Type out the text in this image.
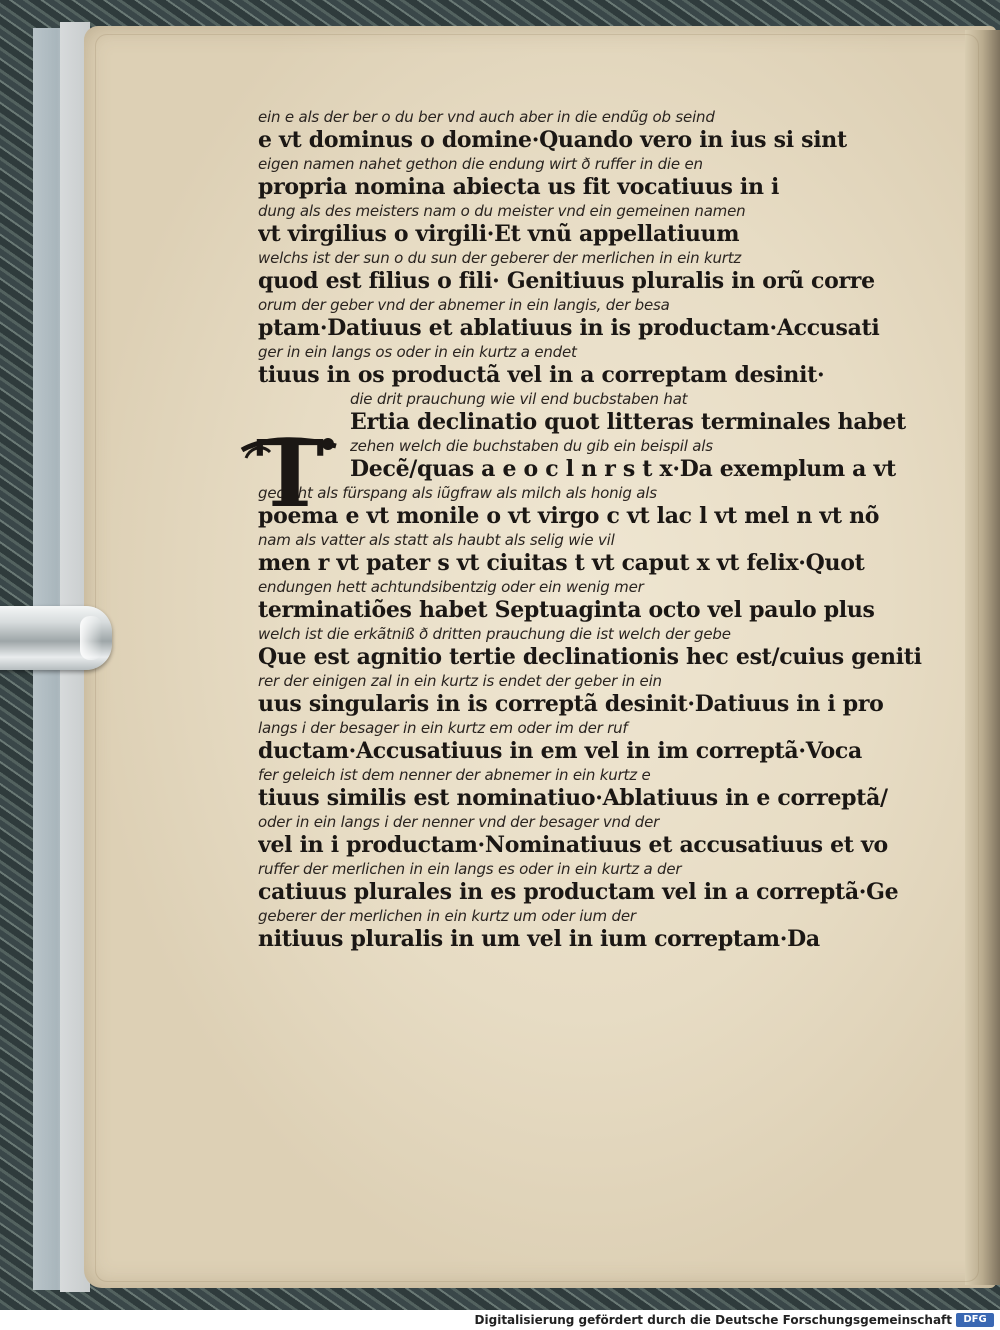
ein e als der ber o du ber vnd auch aber in die endũg ob seind
e vt dominus o domine·Quando vero in ius si sint
eigen namen nahet gethon die endung wirt ð ruffer in die en
propria nomina abiecta us fit vocatiuus in i
dung als des meisters nam o du meister vnd ein gemeinen namen
vt virgilius o virgili·Et vnũ appellatiuum
welchs ist der sun o du sun der geberer der merlichen in ein kurtz
quod est filius o fili· Genitiuus pluralis in orũ corre
orum der geber vnd der abnemer in ein langis, der besa
ptam·Datiuus et ablatiuus in is productam·Accusati
ger in ein langs os oder in ein kurtz a endet
tiuus in os productã vel in a correptam desinit·
die drit prauchung wie vil end bucbstaben hat
Ertia declinatio quot litteras terminales habet
zehen welch die buchstaben du gib ein beispil als
Decẽ/quas a e o c l n r s t x·Da exemplum a vt
gedicht als fürspang als iũgfraw als milch als honig als
poema e vt monile o vt virgo c vt lac l vt mel n vt nõ
nam als vatter als statt als haubt als selig wie vil
men r vt pater s vt ciuitas t vt caput x vt felix·Quot
endungen hett achtundsibentzig oder ein wenig mer
terminatiões habet Septuaginta octo vel paulo plus
welch ist die erkãtniß ð dritten prauchung die ist welch der gebe
Que est agnitio tertie declinationis hec est/cuius geniti
rer der einigen zal in ein kurtz is endet der geber in ein
uus singularis in is correptã desinit·Datiuus in i pro
langs i der besager in ein kurtz em oder im der ruf
ductam·Accusatiuus in em vel in im correptã·Voca
fer geleich ist dem nenner der abnemer in ein kurtz e
tiuus similis est nominatiuo·Ablatiuus in e correptã/
oder in ein langs i der nenner vnd der besager vnd der
vel in i productam·Nominatiuus et accusatiuus et vo
ruffer der merlichen in ein langs es oder in ein kurtz a der
catiuus plurales in es productam vel in a correptã·Ge
geberer der merlichen in ein kurtz um oder ium der
nitiuus pluralis in um vel in ium correptam·Da
T
Digitalisierung gefördert durch die Deutsche Forschungsgemeinschaft	DFG
